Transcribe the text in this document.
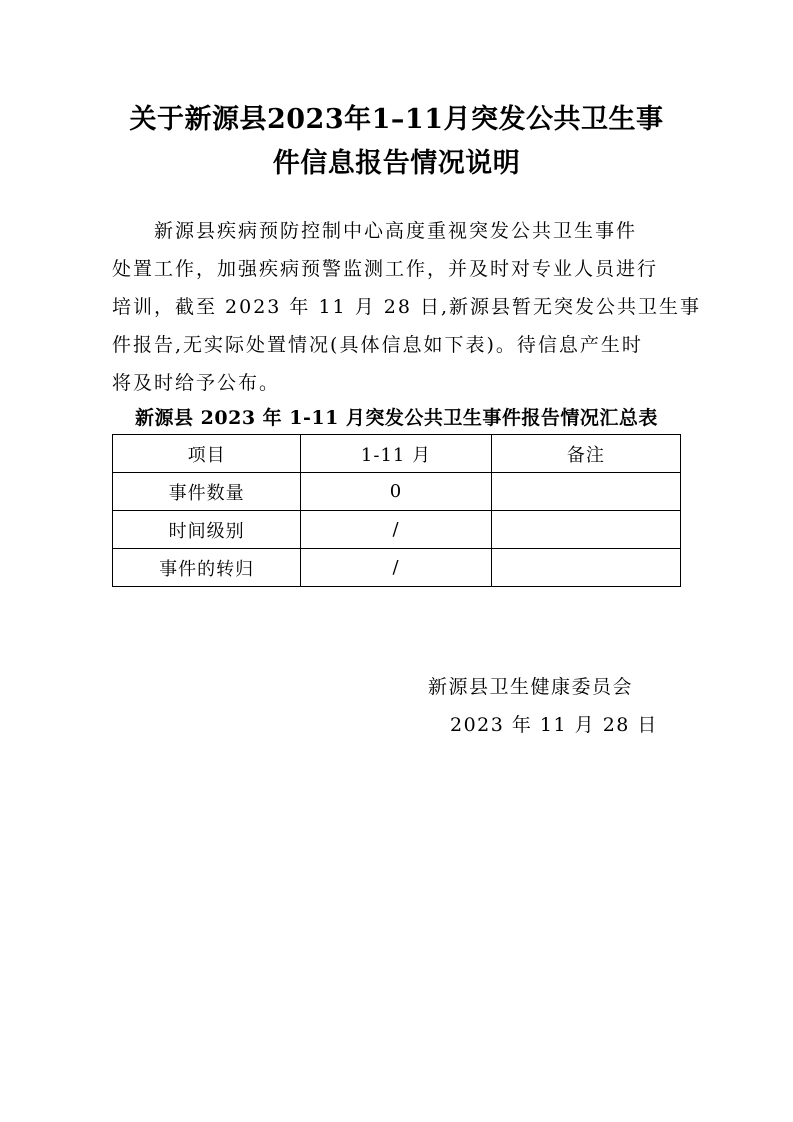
关于新源县2023年1–11月突发公共卫生事
件信息报告情况说明
新源县疾病预防控制中心高度重视突发公共卫生事件
处置工作，加强疾病预警监测工作，并及时对专业人员进行
培训，截至 2023 年 11 月 28 日,新源县暂无突发公共卫生事
件报告,无实际处置情况(具体信息如下表)。待信息产生时
将及时给予公布。
新源县 2023 年 1-11 月突发公共卫生事件报告情况汇总表
项目	1-11 月	备注
事件数量	0	
时间级别	/	
事件的转归	/	
新源县卫生健康委员会
2023 年 11 月 28 日
